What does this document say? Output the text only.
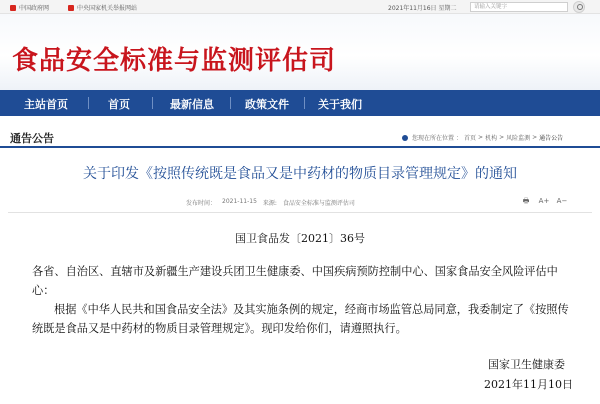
中国政府网	中央国家机关举报网站	2021年11月16日 星期二	请输入关键字
食品安全标准与监测评估司
主站首页	首页	最新信息	政策文件	关于我们
通告公告	您现在所在位置 ： 首页 > 机构 > 风险监测 > 通告公告
关于印发《按照传统既是食品又是中药材的物质目录管理规定》的通知
发布时间： 2021-11-15 来源: 食品安全标准与监测评估司	🖶	A+ A−
国卫食品发〔2021〕36号

各省、自治区、直辖市及新疆生产建设兵团卫生健康委、中国疾病预防控制中心、国家食品安全风险评估中心：

根据《中华人民共和国食品安全法》及其实施条例的规定，经商市场监管总局同意，我委制定了《按照传统既是食品又是中药材的物质目录管理规定》。现印发给你们，请遵照执行。

国家卫生健康委
2021年11月10日
